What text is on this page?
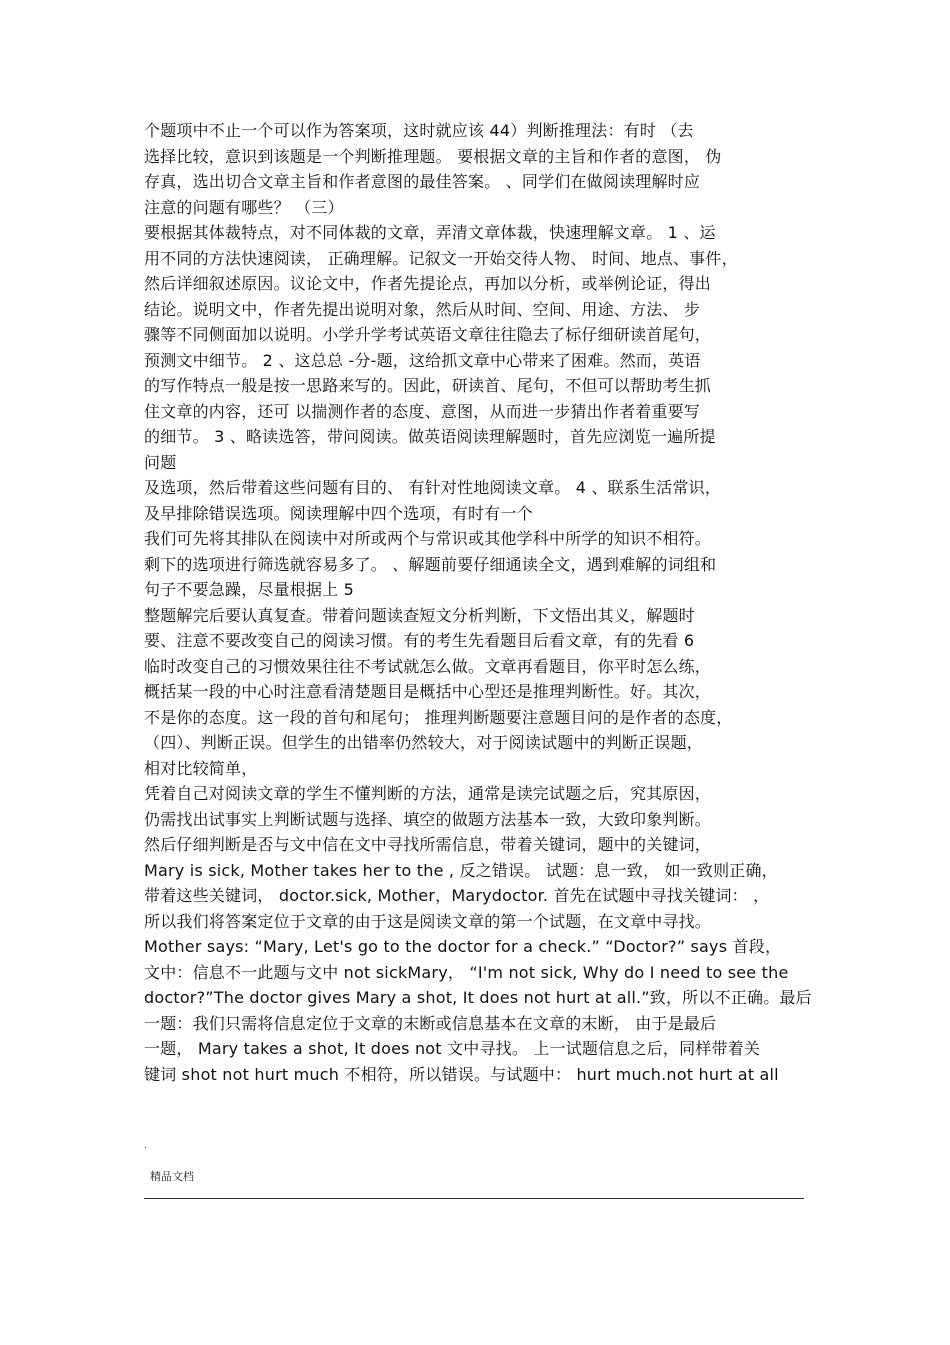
个题项中不止一个可以作为答案项，这时就应该 44）判断推理法：有时 （去
选择比较，意识到该题是一个判断推理题。 要根据文章的主旨和作者的意图， 伪
存真，选出切合文章主旨和作者意图的最佳答案。 、同学们在做阅读理解时应
注意的问题有哪些？ （三）
要根据其体裁特点，对不同体裁的文章，弄清文章体裁，快速理解文章。 1 、运
用不同的方法快速阅读， 正确理解。记叙文一开始交待人物、 时间、地点、事件，
然后详细叙述原因。议论文中，作者先提论点，再加以分析，或举例论证，得出
结论。说明文中，作者先提出说明对象，然后从时间、空间、用途、方法、 步
骤等不同侧面加以说明。小学升学考试英语文章往往隐去了标仔细研读首尾句，
预测文中细节。 2 、这总总 -分-题，这给抓文章中心带来了困难。然而，英语
的写作特点一般是按一思路来写的。因此，研读首、尾句，不但可以帮助考生抓
住文章的内容，还可 以揣测作者的态度、意图，从而进一步猜出作者着重要写
的细节。 3 、略读选答，带问阅读。做英语阅读理解题时，首先应浏览一遍所提
问题
及选项，然后带着这些问题有目的、 有针对性地阅读文章。 4 、联系生活常识，
及早排除错误选项。阅读理解中四个选项，有时有一个
我们可先将其排队在阅读中对所或两个与常识或其他学科中所学的知识不相符。
剩下的选项进行筛选就容易多了。 、解题前要仔细通读全文，遇到难解的词组和
句子不要急躁，尽量根据上 5
整题解完后要认真复查。带着问题读查短文分析判断，下文悟出其义，解题时
要、注意不要改变自己的阅读习惯。有的考生先看题目后看文章，有的先看 6
临时改变自己的习惯效果往往不考试就怎么做。文章再看题目，你平时怎么练，
概括某一段的中心时注意看清楚题目是概括中心型还是推理判断性。好。其次，
不是你的态度。这一段的首句和尾句； 推理判断题要注意题目问的是作者的态度，
（四）、判断正误。但学生的出错率仍然较大，对于阅读试题中的判断正误题，
相对比较简单，
凭着自己对阅读文章的学生不懂判断的方法，通常是读完试题之后，究其原因，
仍需找出试事实上判断试题与选择、填空的做题方法基本一致，大致印象判断。
然后仔细判断是否与文中信在文中寻找所需信息，带着关键词，题中的关键词，
Mary is sick, Mother takes her to the , 反之错误。 试题：息一致， 如一致则正确，
带着这些关键词， doctor.sick, Mother，Marydoctor. 首先在试题中寻找关键词： ，
所以我们将答案定位于文章的由于这是阅读文章的第一个试题，在文章中寻找。
Mother says: “Mary, Let's go to the doctor for a check.” “Doctor?” says 首段，
文中：信息不一此题与文中 not sickMary， “I'm not sick, Why do I need to see the
doctor?”The doctor gives Mary a shot, It does not hurt at all.”致，所以不正确。最后
一题：我们只需将信息定位于文章的末断或信息基本在文章的末断， 由于是最后
一题， Mary takes a shot, It does not 文中寻找。 上一试题信息之后，同样带着关
键词 shot not hurt much 不相符，所以错误。与试题中： hurt much.not hurt at all
.
精品文档
